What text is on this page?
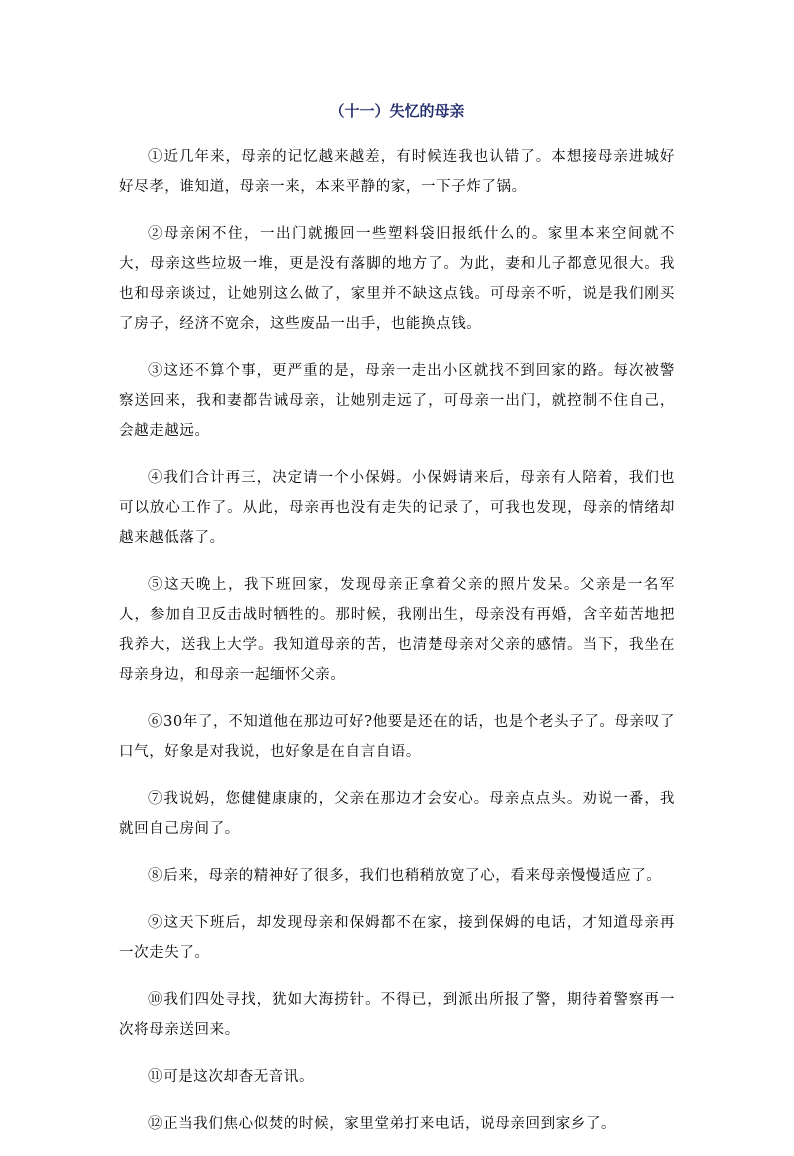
（十一）失忆的母亲

①近几年来，母亲的记忆越来越差，有时候连我也认错了。本想接母亲进城好好尽孝，谁知道，母亲一来，本来平静的家，一下子炸了锅。

②母亲闲不住，一出门就搬回一些塑料袋旧报纸什么的。家里本来空间就不大，母亲这些垃圾一堆，更是没有落脚的地方了。为此，妻和儿子都意见很大。我也和母亲谈过，让她别这么做了，家里并不缺这点钱。可母亲不听，说是我们刚买了房子，经济不宽余，这些废品一出手，也能换点钱。

③这还不算个事，更严重的是，母亲一走出小区就找不到回家的路。每次被警察送回来，我和妻都告诫母亲，让她别走远了，可母亲一出门，就控制不住自己，会越走越远。

④我们合计再三，决定请一个小保姆。小保姆请来后，母亲有人陪着，我们也可以放心工作了。从此，母亲再也没有走失的记录了，可我也发现，母亲的情绪却越来越低落了。

⑤这天晚上，我下班回家，发现母亲正拿着父亲的照片发呆。父亲是一名军人，参加自卫反击战时牺牲的。那时候，我刚出生，母亲没有再婚，含辛茹苦地把我养大，送我上大学。我知道母亲的苦，也清楚母亲对父亲的感情。当下，我坐在母亲身边，和母亲一起缅怀父亲。

⑥30年了，不知道他在那边可好?他要是还在的话，也是个老头子了。母亲叹了口气，好象是对我说，也好象是在自言自语。

⑦我说妈，您健健康康的，父亲在那边才会安心。母亲点点头。劝说一番，我就回自己房间了。

⑧后来，母亲的精神好了很多，我们也稍稍放宽了心，看来母亲慢慢适应了。

⑨这天下班后，却发现母亲和保姆都不在家，接到保姆的电话，才知道母亲再一次走失了。

⑩我们四处寻找，犹如大海捞针。不得已，到派出所报了警，期待着警察再一次将母亲送回来。

⑪可是这次却杳无音讯。

⑫正当我们焦心似焚的时候，家里堂弟打来电话，说母亲回到家乡了。
